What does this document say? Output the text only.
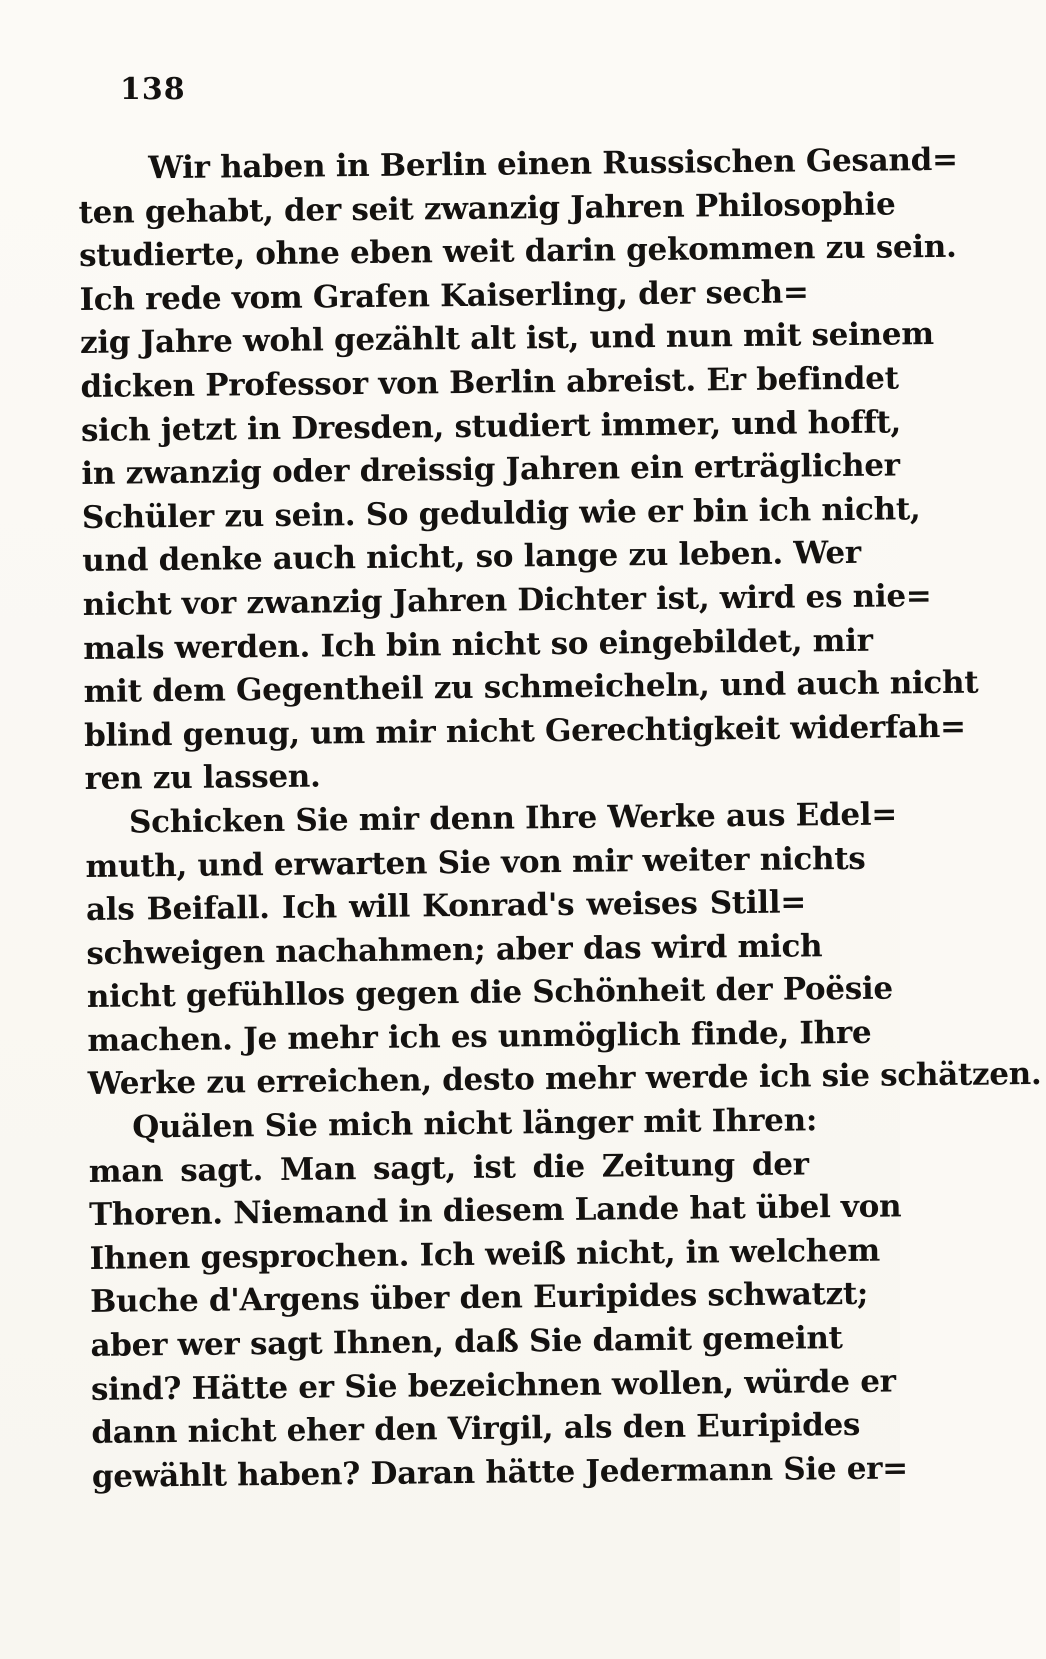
138
Wir haben in Berlin einen Russischen Gesand=
ten gehabt, der seit zwanzig Jahren Philosophie
studierte, ohne eben weit darin gekommen zu sein.
Ich rede vom Grafen Kaiserling, der sech=
zig Jahre wohl gezählt alt ist, und nun mit seinem
dicken Professor von Berlin abreist. Er befindet
sich jetzt in Dresden, studiert immer, und hofft,
in zwanzig oder dreissig Jahren ein erträglicher
Schüler zu sein. So geduldig wie er bin ich nicht,
und denke auch nicht, so lange zu leben. Wer
nicht vor zwanzig Jahren Dichter ist, wird es nie=
mals werden. Ich bin nicht so eingebildet, mir
mit dem Gegentheil zu schmeicheln, und auch nicht
blind genug, um mir nicht Gerechtigkeit widerfah=
ren zu lassen.
Schicken Sie mir denn Ihre Werke aus Edel=
muth, und erwarten Sie von mir weiter nichts
als Beifall. Ich will Konrad's weises Still=
schweigen nachahmen; aber das wird mich
nicht gefühllos gegen die Schönheit der Poësie
machen. Je mehr ich es unmöglich finde, Ihre
Werke zu erreichen, desto mehr werde ich sie schätzen.
Quälen Sie mich nicht länger mit Ihren:
man sagt. Man sagt, ist die Zeitung der
Thoren. Niemand in diesem Lande hat übel von
Ihnen gesprochen. Ich weiß nicht, in welchem
Buche d'Argens über den Euripides schwatzt;
aber wer sagt Ihnen, daß Sie damit gemeint
sind? Hätte er Sie bezeichnen wollen, würde er
dann nicht eher den Virgil, als den Euripides
gewählt haben? Daran hätte Jedermann Sie er=
